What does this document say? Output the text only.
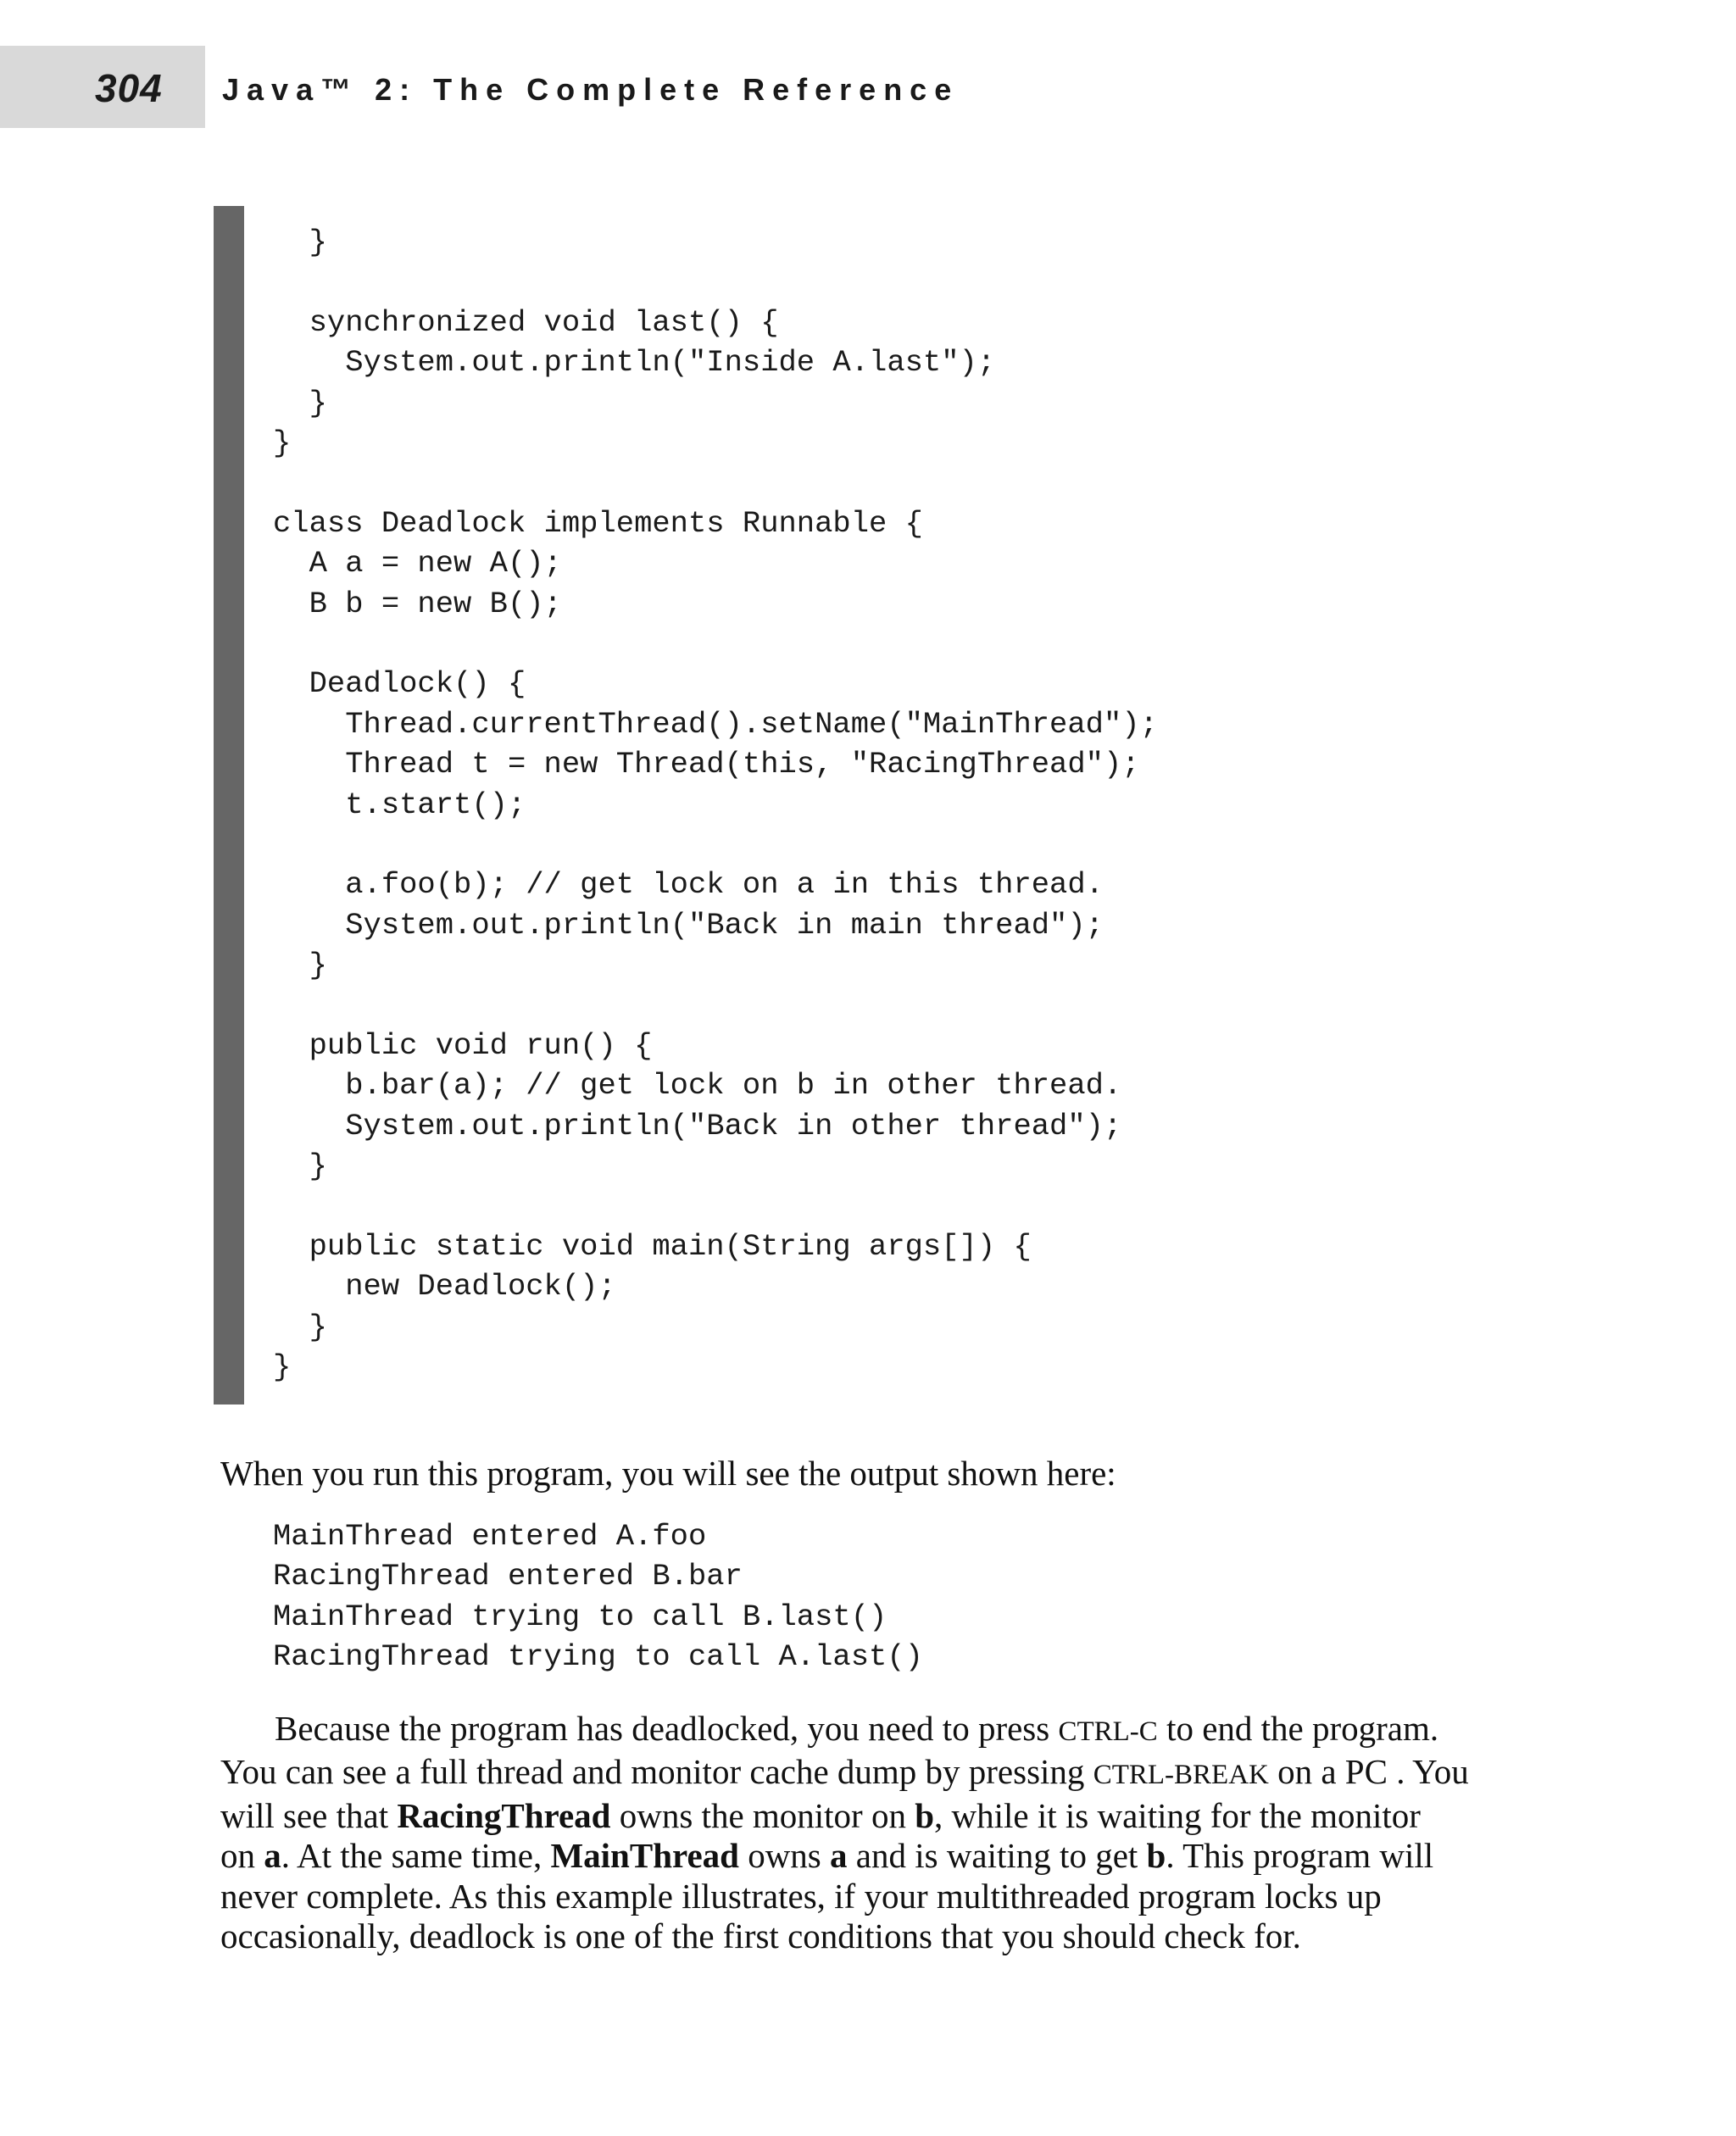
304 Java™ 2: The Complete Reference
}
synchronized void last() {
System.out.println("Inside A.last");
}
}
class Deadlock implements Runnable {
A a = new A();
B b = new B();
Deadlock() {
Thread.currentThread().setName("MainThread");
Thread t = new Thread(this, "RacingThread");
t.start();
a.foo(b); // get lock on a in this thread.
System.out.println("Back in main thread");
}
public void run() {
b.bar(a); // get lock on b in other thread.
System.out.println("Back in other thread");
}
public static void main(String args[]) {
new Deadlock();
}
}
MainThread entered A.foo
RacingThread entered B.bar
MainThread trying to call B.last()
RacingThread trying to call A.last()
When you run this program, you will see the output shown here:
Because the program has deadlocked, you need to press CTRL-C to end the program.
You can see a full thread and monitor cache dump by pressing CTRL-BREAK on a PC . You
will see that RacingThread owns the monitor on b, while it is waiting for the monitor
on a. At the same time, MainThread owns a and is waiting to get b. This program will
never complete. As this example illustrates, if your multithreaded program locks up
occasionally, deadlock is one of the first conditions that you should check for.
